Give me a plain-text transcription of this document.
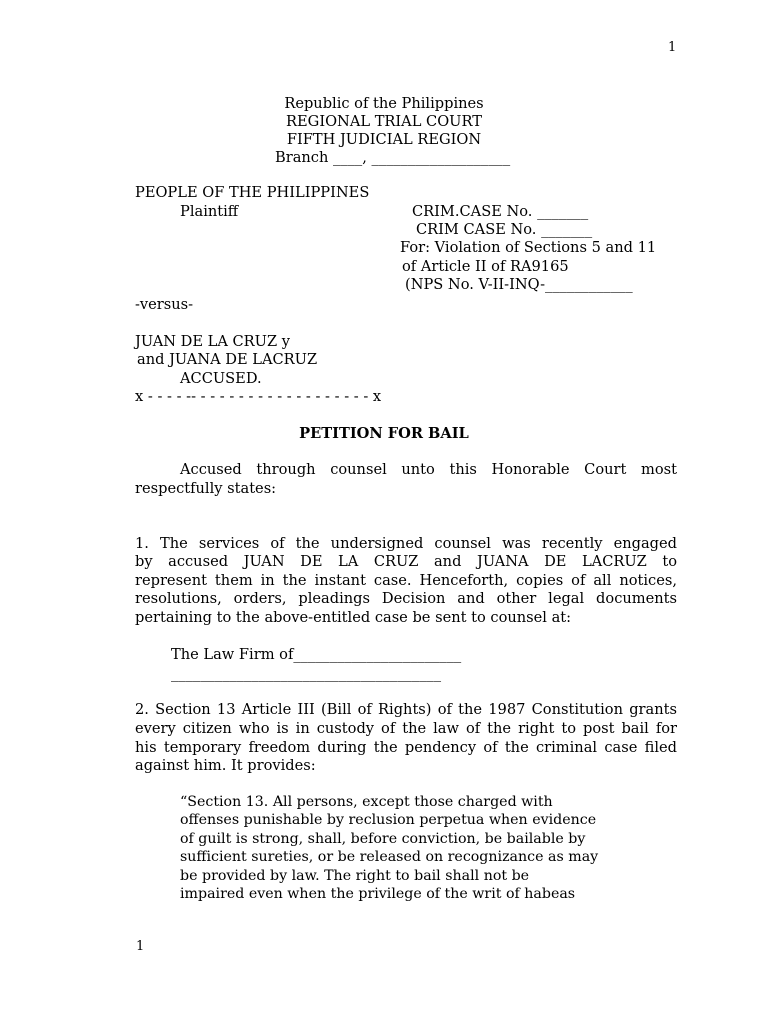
1
Republic of the Philippines
REGIONAL TRIAL COURT
FIFTH JUDICIAL REGION
Branch ____, ___________________
PEOPLE OF THE PHILIPPINES
Plaintiff	CRIM.CASE No. _______
CRIM CASE No. _______
For: Violation of Sections 5 and 11
of Article II of RA9165
(NPS No. V-II-INQ-____________
-versus-
JUAN DE LA CRUZ y
and JUANA DE LACRUZ
ACCUSED.
x - - - - -- - - - - - - - - - - - - - - - - - - x
PETITION FOR BAIL
Accused through counsel unto this Honorable Court most
respectfully states:
1. The services of the undersigned counsel was recently engaged
by accused JUAN DE LA CRUZ and JUANA DE LACRUZ to
represent them in the instant case. Henceforth, copies of all notices,
resolutions, orders, pleadings Decision and other legal documents
pertaining to the above-entitled case be sent to counsel at:
The Law Firm of_______________________
_____________________________________
2. Section 13 Article III (Bill of Rights) of the 1987 Constitution grants
every citizen who is in custody of the law of the right to post bail for
his temporary freedom during the pendency of the criminal case filed
against him. It provides:
“Section 13. All persons, except those charged with
offenses punishable by reclusion perpetua when evidence
of guilt is strong, shall, before conviction, be bailable by
sufficient sureties, or be released on recognizance as may
be provided by law. The right to bail shall not be
impaired even when the privilege of the writ of habeas
1
